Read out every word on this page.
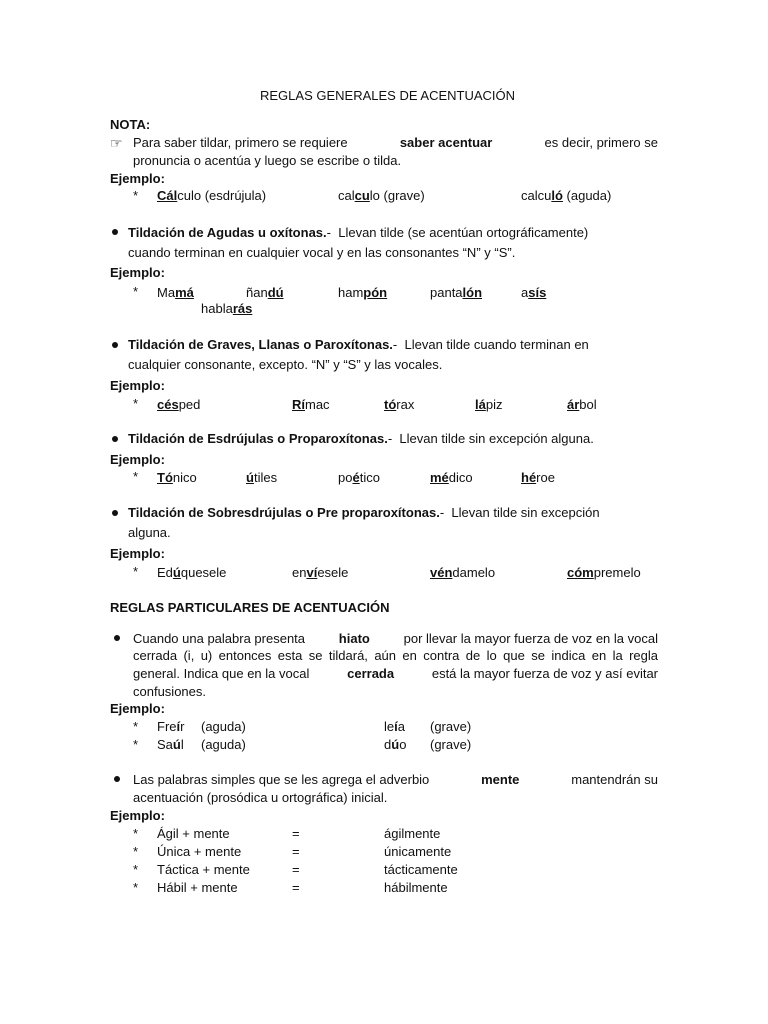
REGLAS GENERALES DE ACENTUACIÓN
NOTA:
☞ Para saber tildar, primero se requiere	saber acentuar	es decir, primero se
pronuncia o acentúa y luego se escribe o tilda.
Ejemplo:
* Cálculo (esdrújula)	calculo (grave)	calculó (aguda)
Tildación de Agudas u oxítonas.- Llevan tilde (se acentúan ortográficamente)
cuando terminan en cualquier vocal y en las consonantes “N” y “S”.
Ejemplo:
* Mamá	ñandú	hampón	pantalón	asís
hablarás
Tildación de Graves, Llanas o Paroxítonas.- Llevan tilde cuando terminan en
cualquier consonante, excepto. “N” y “S” y las vocales.
Ejemplo:
* césped	Rímac	tórax	lápiz	árbol
Tildación de Esdrújulas o Proparoxítonas.- Llevan tilde sin excepción alguna.
Ejemplo:
* Tónico	útiles	poético	médico	héroe
Tildación de Sobresdrújulas o Pre proparoxítonas.- Llevan tilde sin excepción
alguna.
Ejemplo:
* Edúquesele	envíesele	véndamelo	cómpremelo
REGLAS PARTICULARES DE ACENTUACIÓN
Cuando una palabra presenta	hiato	por llevar la mayor fuerza de voz en la vocal
cerrada (i, u) entonces esta se tildará, aún en contra de lo que se indica en la regla
general. Indica que en la vocal	cerrada	está la mayor fuerza de voz y así evitar
confusiones.
Ejemplo:
* Freír (aguda)	leía (grave)
* Saúl (aguda)	dúo (grave)
Las palabras simples que se les agrega el adverbio	mente	mantendrán su
acentuación (prosódica u ortográfica) inicial.
Ejemplo:
* Ágil + mente	=	ágilmente
* Única + mente	=	únicamente
* Táctica + mente	=	tácticamente
* Hábil + mente	=	hábilmente
